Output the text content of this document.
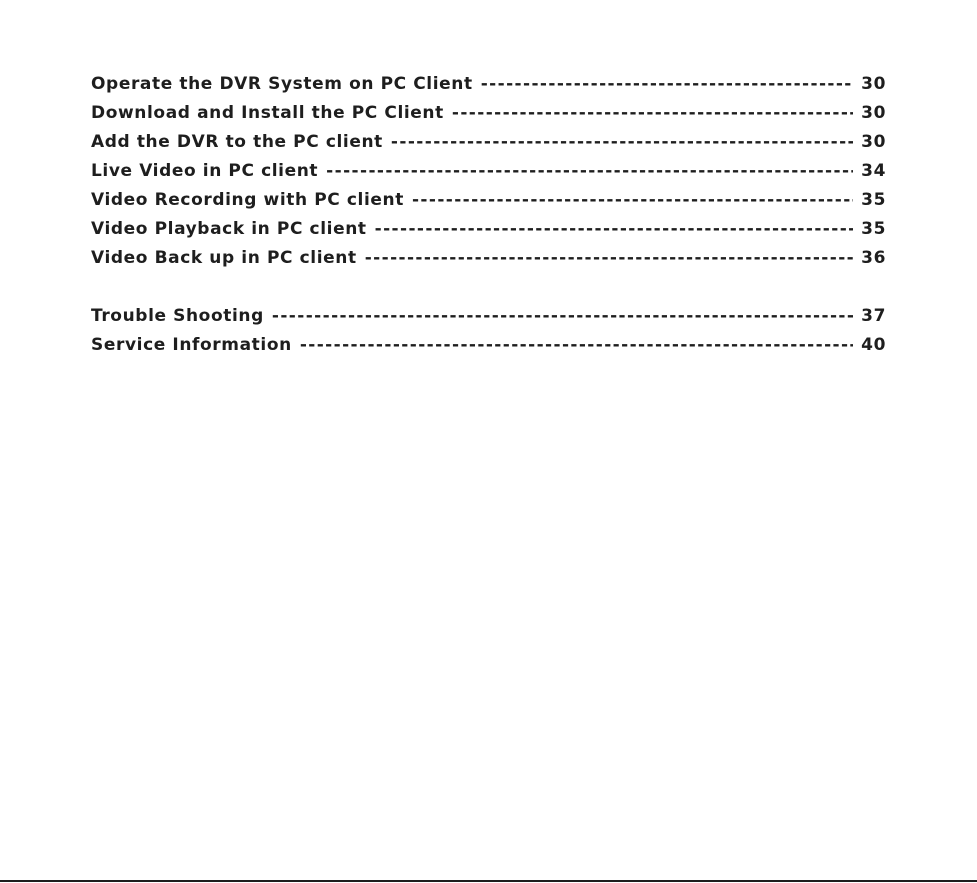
Operate the DVR System on PC Client -----	30
Download and Install the PC Client -----	30
Add the DVR to the PC client -----	30
Live Video in PC client -----	34
Video Recording with PC client -----	35
Video Playback in PC client -----	35
Video Back up in PC client -----	36
Trouble Shooting -----	37
Service Information -----	40
